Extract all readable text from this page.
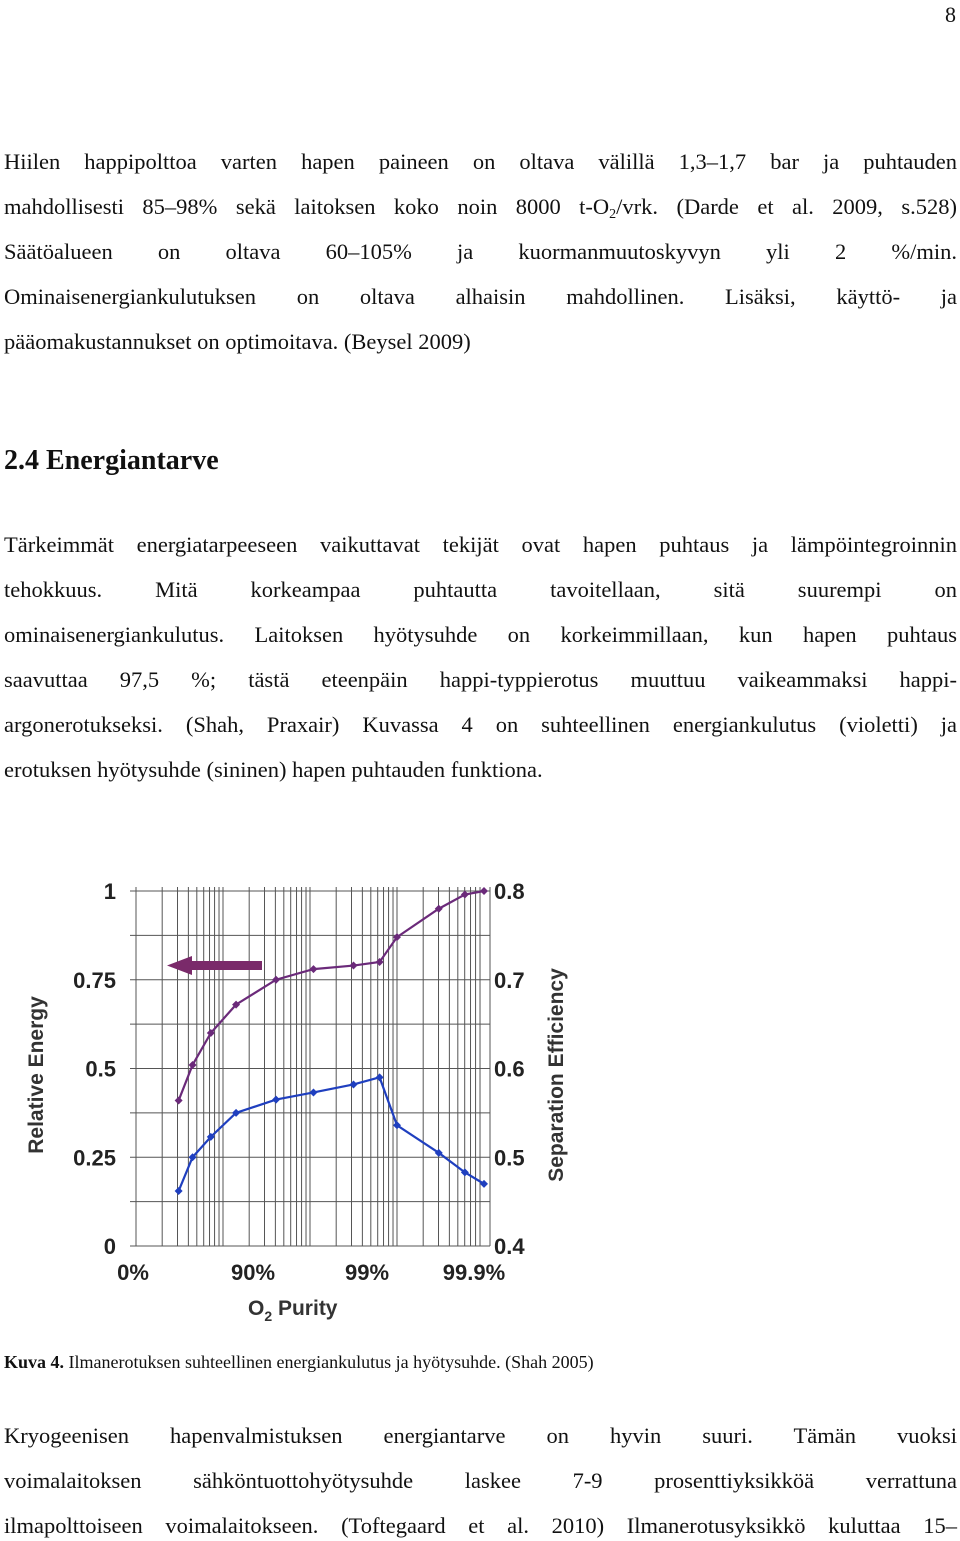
8
Hiilen happipolttoa varten hapen paineen on oltava välillä 1,3–1,7 bar ja puhtauden
mahdollisesti 85–98% sekä laitoksen koko noin 8000 $t-O_2$/vrk. (Darde et al. 2009, s.528)
Säätöalueen on oltava 60–105% ja kuormanmuutoskyvyn yli 2 %/min.
Ominaisenergiankulutuksen on oltava alhaisin mahdollinen. Lisäksi, käyttö- ja
pääomakustannukset on optimoitava. (Beysel 2009)
2.4 Energiantarve
Tärkeimmät energiatarpeeseen vaikuttavat tekijät ovat hapen puhtaus ja lämpöintegroinnin
tehokkuus. Mitä korkeampaa puhtautta tavoitellaan, sitä suurempi on
ominaisenergiankulutus. Laitoksen hyötysuhde on korkeimmillaan, kun hapen puhtaus
saavuttaa 97,5 %; tästä eteenpäin happi-typpierotus muuttuu vaikeammaksi happi-
argonerotukseksi. (Shah, Praxair) Kuvassa 4 on suhteellinen energiankulutus (violetti) ja
erotuksen hyötysuhde (sininen) hapen puhtauden funktiona.
0
0.25
0.5
0.75
1
0.4
0.5
0.6
0.7
0.8
0%	90%	99% 99.9%
Relative Energy	Separation Efficiency
$O_2$ Purity
Kuva 4. Ilmanerotuksen suhteellinen energiankulutus ja hyötysuhde. (Shah 2005)
Kryogeenisen hapenvalmistuksen energiantarve on hyvin suuri. Tämän vuoksi
voimalaitoksen sähköntuottohyötysuhde laskee 7-9 prosenttiyksikköä verrattuna
ilmapolttoiseen voimalaitokseen. (Toftegaard et al. 2010) Ilmanerotusyksikkö kuluttaa 15–
